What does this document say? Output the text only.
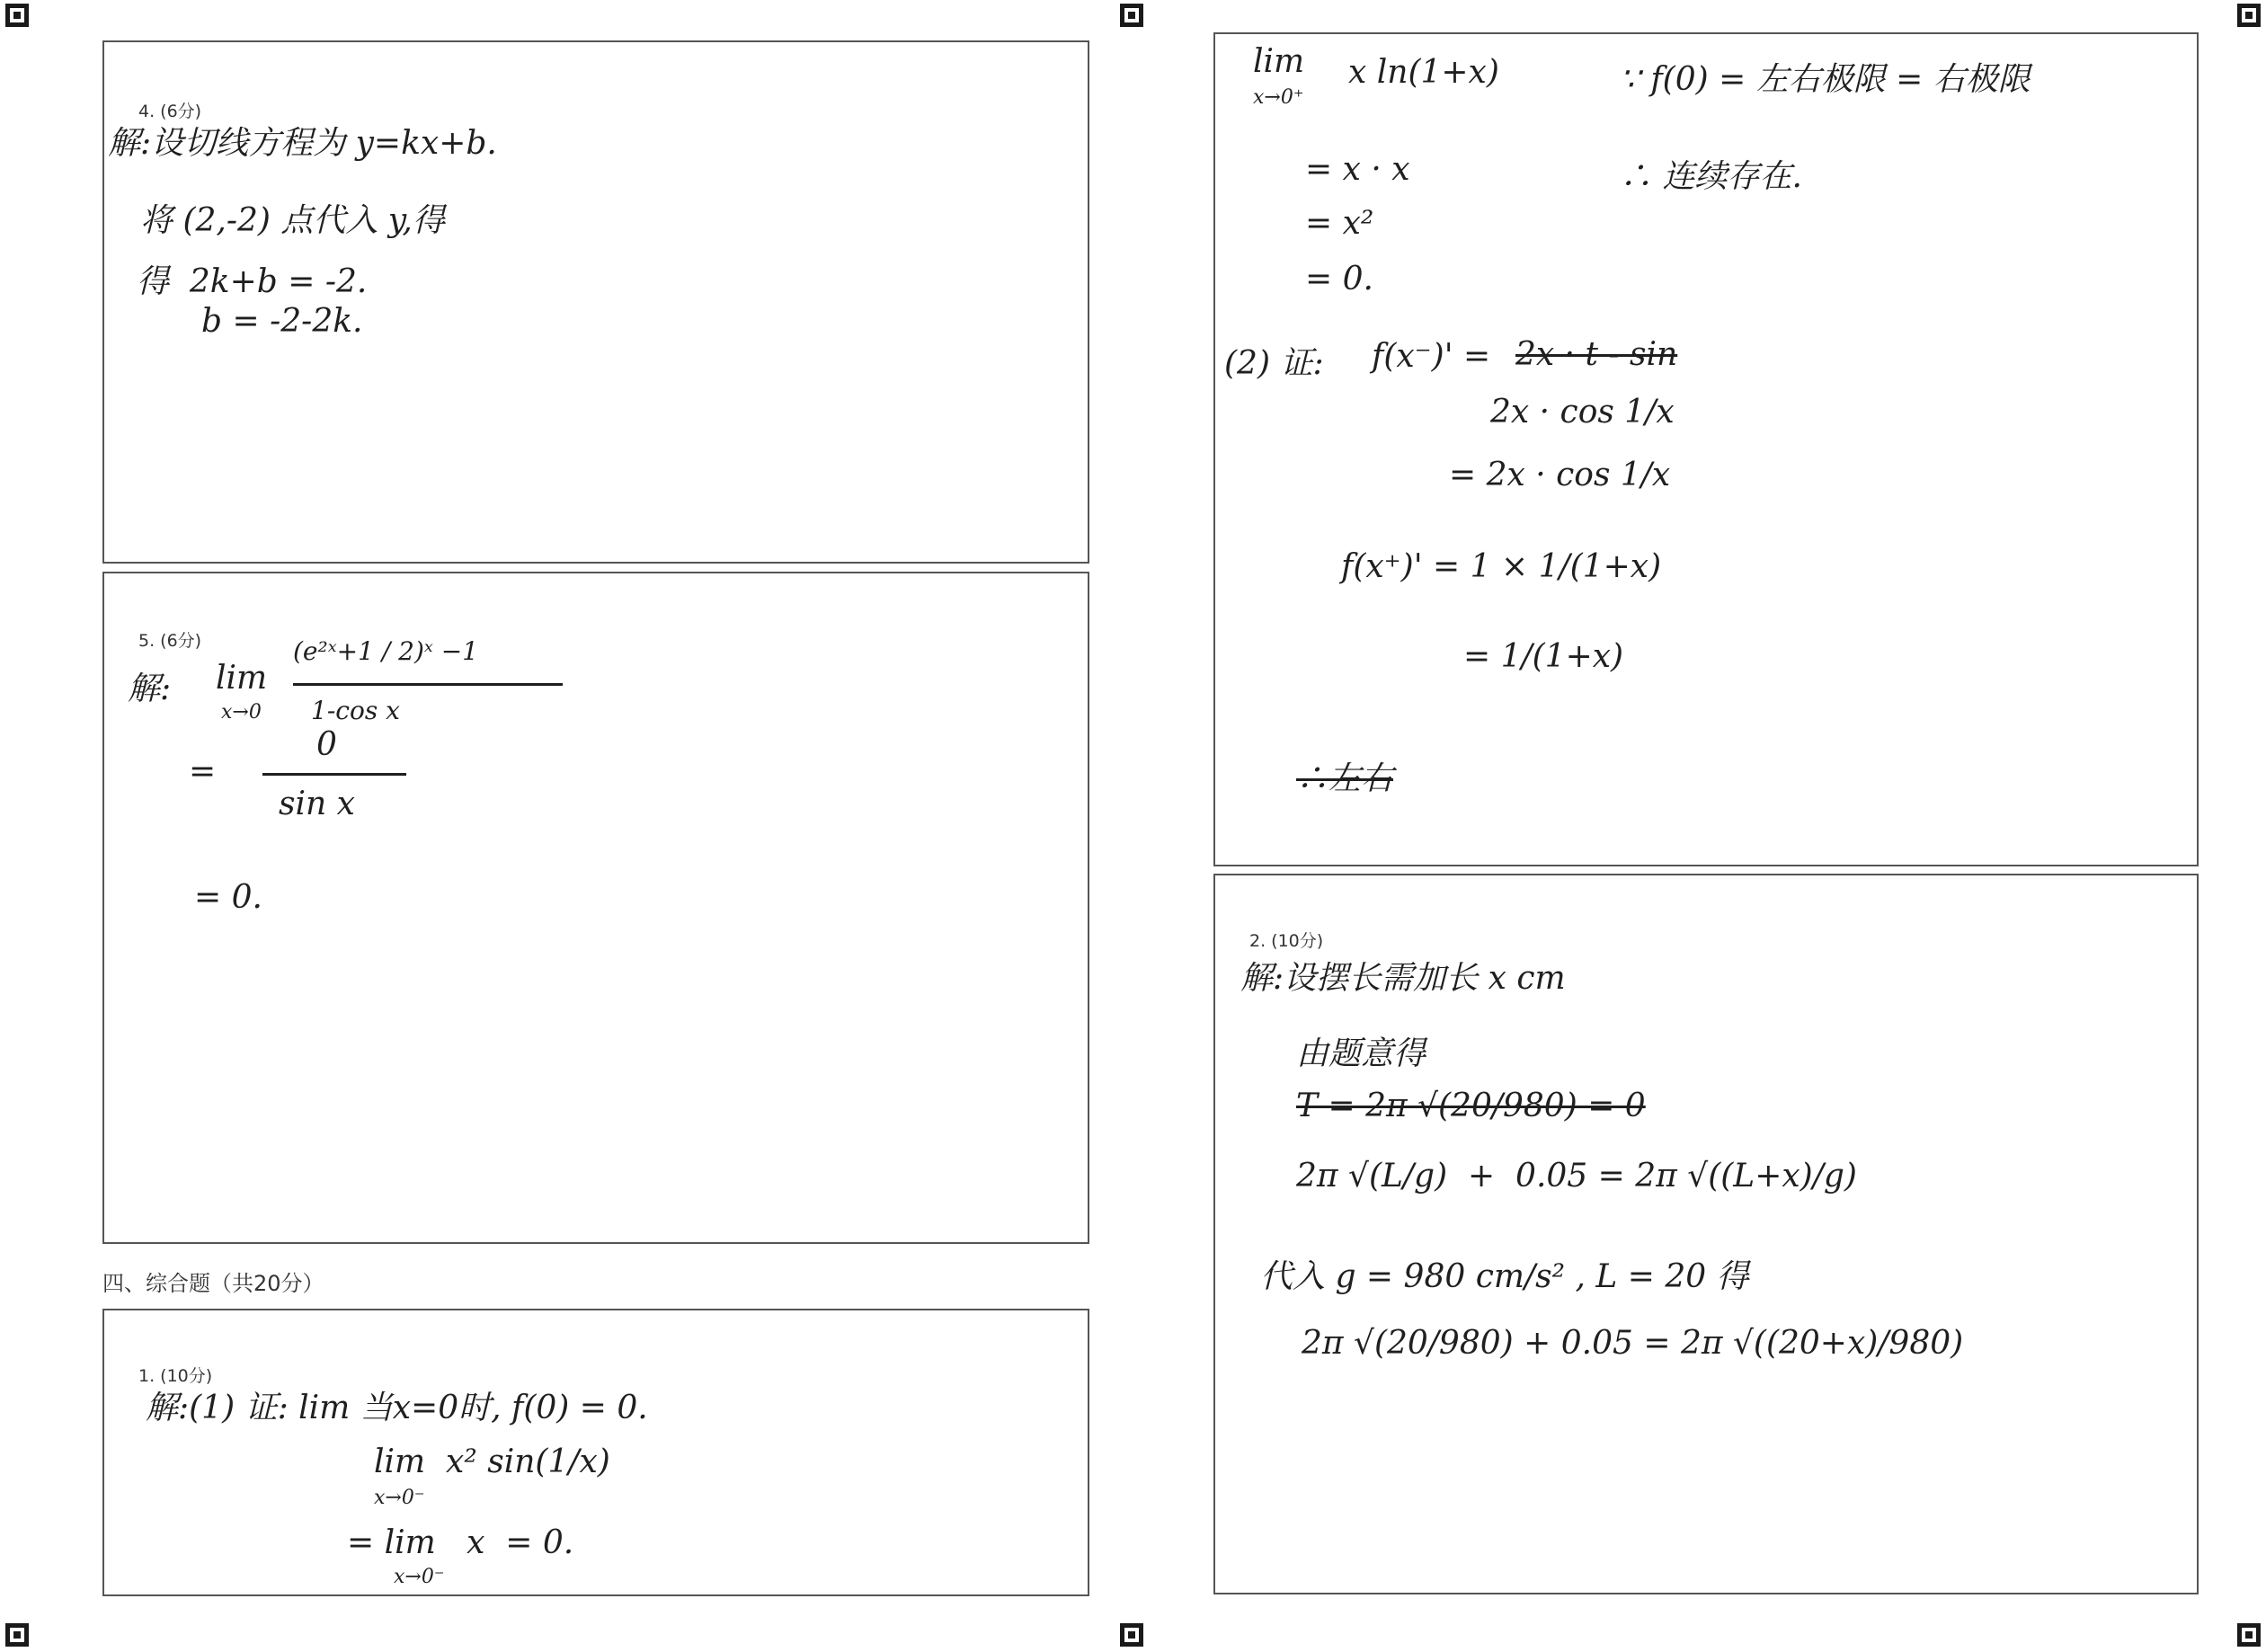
4. (6分)
解:设切线方程为 y=kx+b.
将 (2,-2) 点代入 y,得
得  2k+b = -2.
b = -2-2k.
5. (6分)
解: lim
x→0
(e²ˣ+1 / 2)ˣ −1
1-cos x
=
0
sin x
= 0.
四、综合题（共20分）
1. (10分)
解:(1) 证: lim 当x=0时, f(0) = 0.
lim  x² sin(1/x)
x→0⁻
= lim   x  = 0.
x→0⁻
lim
x→0⁺
x ln(1+x)	∵ f(0) = 左右极限 = 右极限
∴ 连续存在.
= x · x
= x²
= 0.
(2) 证: f(x⁻)' = 2x · t - sin
2x · cos 1/x
= 2x · cos 1/x
f(x⁺)' = 1 × 1/(1+x)
= 1/(1+x)
∴左右
2. (10分)
解:设摆长需加长 x cm
由题意得
T = 2π √(20/980) = 0
2π √(L/g)  +  0.05 = 2π √((L+x)/g)
代入 g = 980 cm/s² , L = 20 得
2π √(20/980) + 0.05 = 2π √((20+x)/980)
